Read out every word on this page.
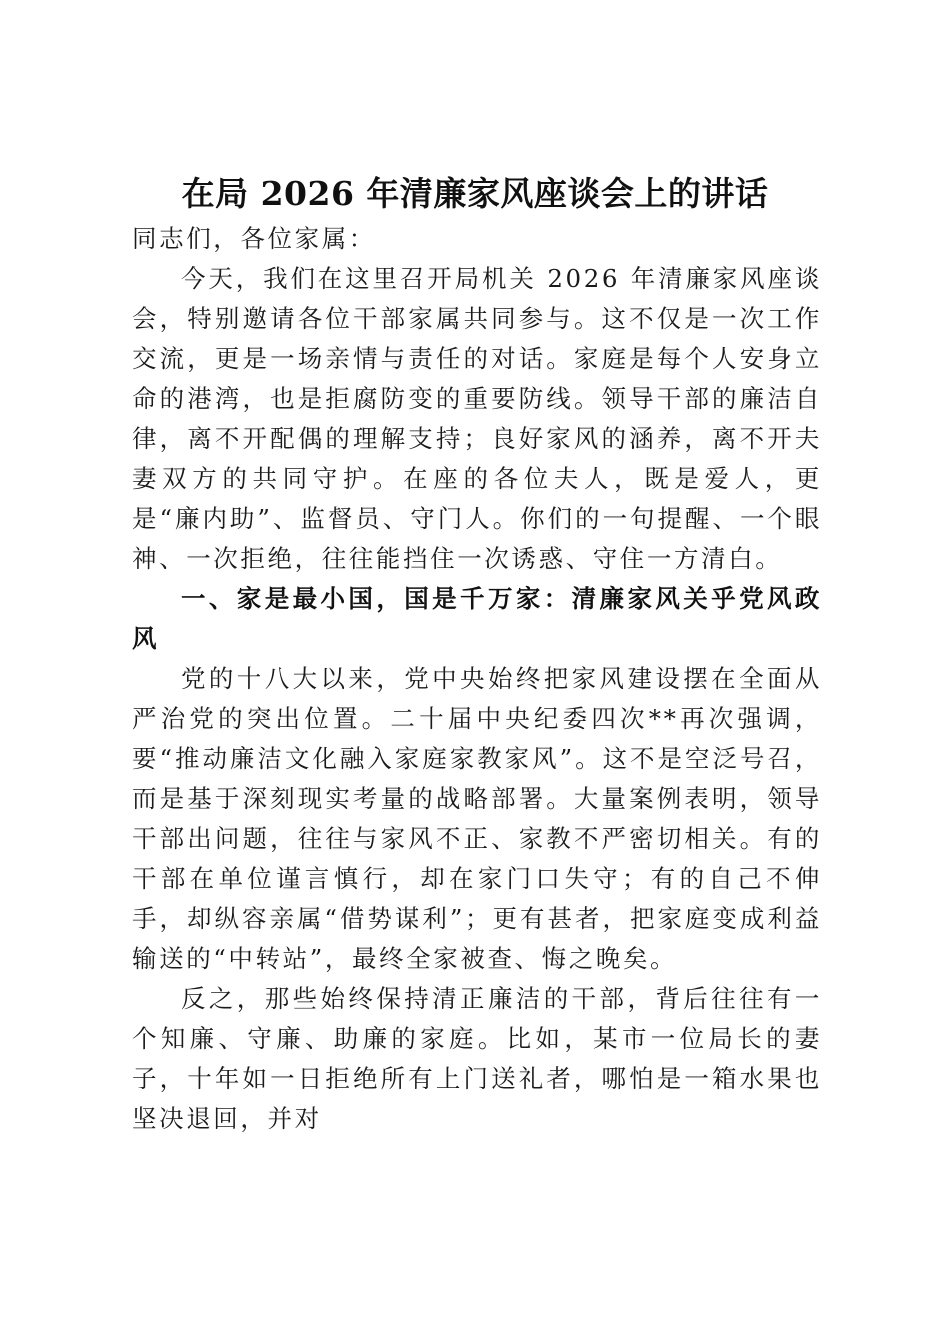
在局 2026 年清廉家风座谈会上的讲话

同志们，各位家属：

今天，我们在这里召开局机关 2026 年清廉家风座谈会，特别邀请各位干部家属共同参与。这不仅是一次工作交流，更是一场亲情与责任的对话。家庭是每个人安身立命的港湾，也是拒腐防变的重要防线。领导干部的廉洁自律，离不开配偶的理解支持；良好家风的涵养，离不开夫妻双方的共同守护。在座的各位夫人，既是爱人，更是“廉内助”、监督员、守门人。你们的一句提醒、一个眼神、一次拒绝，往往能挡住一次诱惑、守住一方清白。

一、家是最小国，国是千万家：清廉家风关乎党风政风

党的十八大以来，党中央始终把家风建设摆在全面从严治党的突出位置。二十届中央纪委四次**再次强调，要“推动廉洁文化融入家庭家教家风”。这不是空泛号召，而是基于深刻现实考量的战略部署。大量案例表明，领导干部出问题，往往与家风不正、家教不严密切相关。有的干部在单位谨言慎行，却在家门口失守；有的自己不伸手，却纵容亲属“借势谋利”；更有甚者，把家庭变成利益输送的“中转站”，最终全家被查、悔之晚矣。

反之，那些始终保持清正廉洁的干部，背后往往有一个知廉、守廉、助廉的家庭。比如，某市一位局长的妻子，十年如一日拒绝所有上门送礼者，哪怕是一箱水果也坚决退回，并对
